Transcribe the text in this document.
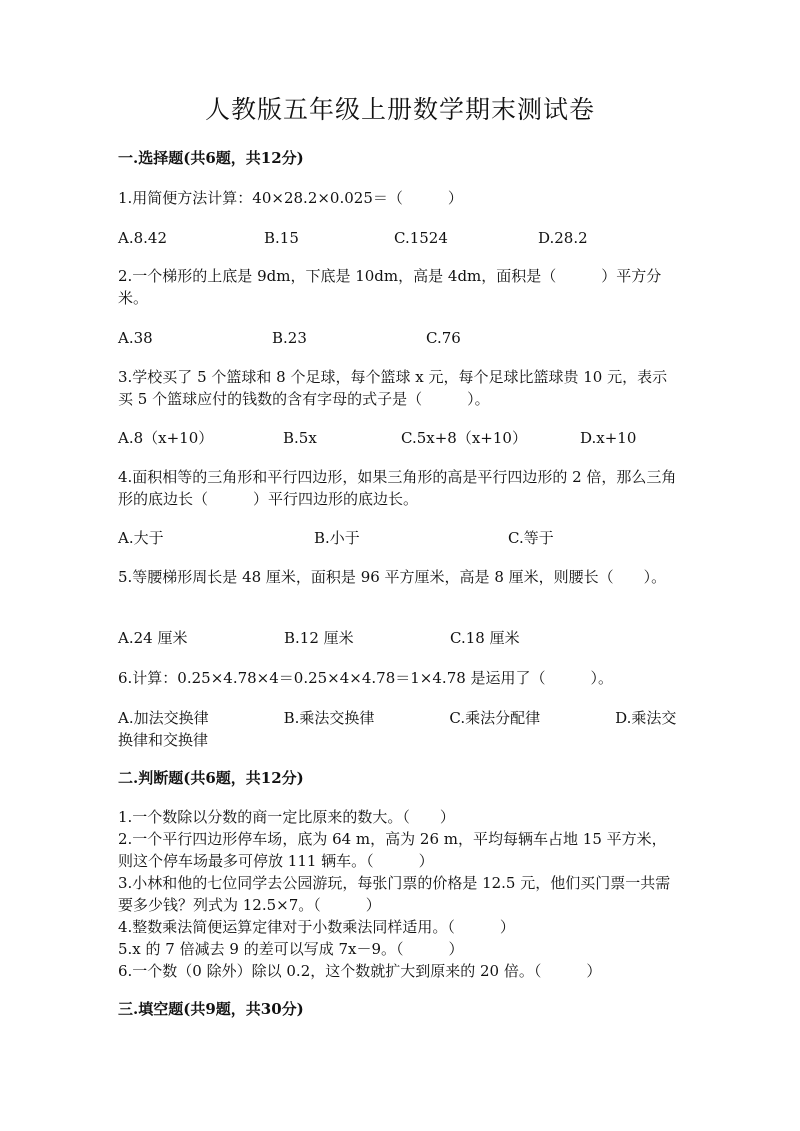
人教版五年级上册数学期末测试卷
一.选择题(共6题，共12分)
1.用简便方法计算：40×28.2×0.025＝（　　　）
A.8.42	B.15	C.1524	D.28.2
2.一个梯形的上底是 9dm，下底是 10dm，高是 4dm，面积是（　　　）平方分米。
A.38	B.23	C.76
3.学校买了 5 个篮球和 8 个足球，每个篮球 x 元，每个足球比篮球贵 10 元，表示买 5 个篮球应付的钱数的含有字母的式子是（　　　）。
A.8（x+10）	B.5x	C.5x+8（x+10）	D.x+10
4.面积相等的三角形和平行四边形，如果三角形的高是平行四边形的 2 倍，那么三角形的底边长（　　　）平行四边形的底边长。
A.大于	B.小于	C.等于
5.等腰梯形周长是 48 厘米，面积是 96 平方厘米，高是 8 厘米，则腰长（　　）。
A.24 厘米	B.12 厘米	C.18 厘米
6.计算：0.25×4.78×4＝0.25×4×4.78＝1×4.78 是运用了（　　　）。
A.加法交换律　　　　　B.乘法交换律　　　　　C.乘法分配律　　　　　D.乘法交换律和交换律
二.判断题(共6题，共12分)
1.一个数除以分数的商一定比原来的数大。（　　）
2.一个平行四边形停车场，底为 64 m，高为 26 m，平均每辆车占地 15 平方米，　则这个停车场最多可停放 111 辆车。（　　　）
3.小林和他的七位同学去公园游玩，每张门票的价格是 12.5 元，他们买门票一共需要多少钱？列式为 12.5×7。（　　　）
4.整数乘法简便运算定律对于小数乘法同样适用。（　　　）
5.x 的 7 倍减去 9 的差可以写成 7x－9。（　　　）
6.一个数（0 除外）除以 0.2，这个数就扩大到原来的 20 倍。（　　　）
三.填空题(共9题，共30分)
